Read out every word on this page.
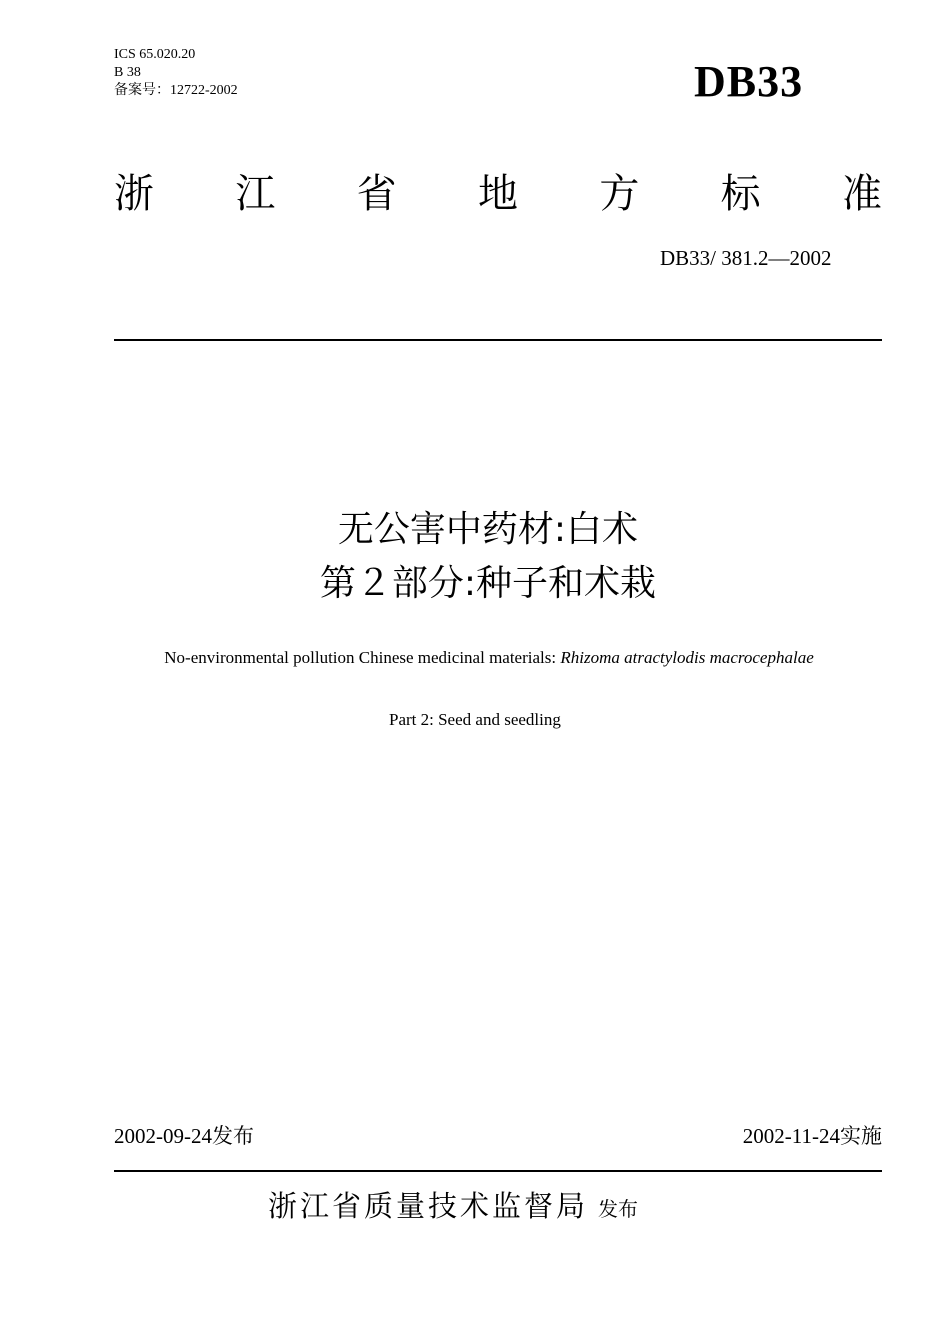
ICS 65.020.20
B 38
备案号：12722-2002	DB33
浙 江 省 地 方 标 准
DB33/ 381.2—2002
无公害中药材:白术
第２部分:种子和术栽
No-environmental pollution Chinese medicinal materials: Rhizoma atractylodis macrocephalae
Part 2: Seed and seedling
2002-09-24发布	2002-11-24实施
浙江省质量技术监督局 发布
